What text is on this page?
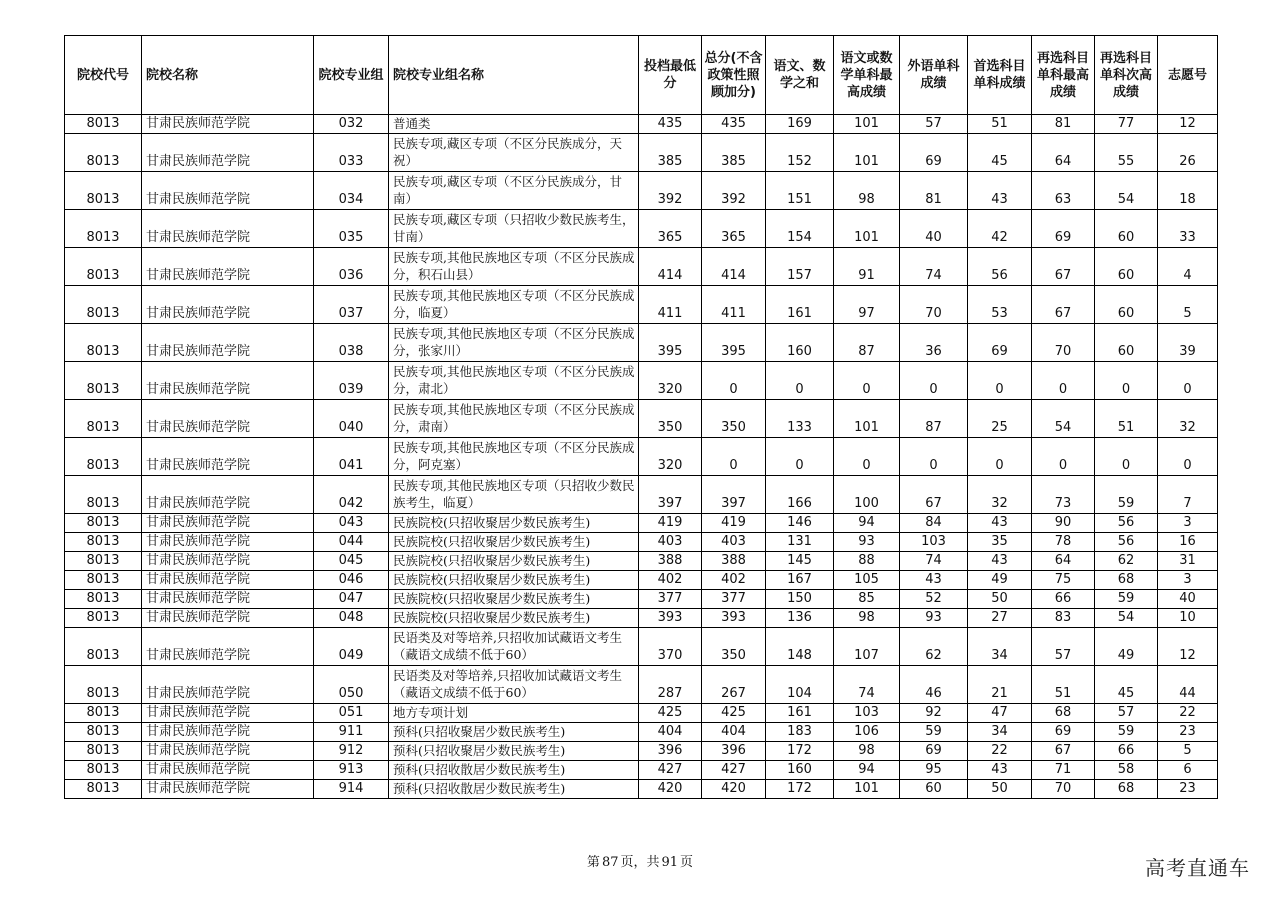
院校代号	院校名称	院校专业组	院校专业组名称	投档最低分	总分(不含政策性照顾加分)	语文、数学之和	语文或数学单科最高成绩	外语单科成绩	首选科目单科成绩	再选科目单科最高成绩	再选科目单科次高成绩	志愿号
8013	甘肃民族师范学院	032	普通类	435	435	169	101	57	51	81	77	12
8013	甘肃民族师范学院	033	民族专项,藏区专项（不区分民族成分，天祝）	385	385	152	101	69	45	64	55	26
8013	甘肃民族师范学院	034	民族专项,藏区专项（不区分民族成分，甘南）	392	392	151	98	81	43	63	54	18
8013	甘肃民族师范学院	035	民族专项,藏区专项（只招收少数民族考生，甘南）	365	365	154	101	40	42	69	60	33
8013	甘肃民族师范学院	036	民族专项,其他民族地区专项（不区分民族成分，积石山县）	414	414	157	91	74	56	67	60	4
8013	甘肃民族师范学院	037	民族专项,其他民族地区专项（不区分民族成分，临夏）	411	411	161	97	70	53	67	60	5
8013	甘肃民族师范学院	038	民族专项,其他民族地区专项（不区分民族成分，张家川）	395	395	160	87	36	69	70	60	39
8013	甘肃民族师范学院	039	民族专项,其他民族地区专项（不区分民族成分，肃北）	320	0	0	0	0	0	0	0	0
8013	甘肃民族师范学院	040	民族专项,其他民族地区专项（不区分民族成分，肃南）	350	350	133	101	87	25	54	51	32
8013	甘肃民族师范学院	041	民族专项,其他民族地区专项（不区分民族成分，阿克塞）	320	0	0	0	0	0	0	0	0
8013	甘肃民族师范学院	042	民族专项,其他民族地区专项（只招收少数民族考生，临夏）	397	397	166	100	67	32	73	59	7
8013	甘肃民族师范学院	043	民族院校(只招收聚居少数民族考生)	419	419	146	94	84	43	90	56	3
8013	甘肃民族师范学院	044	民族院校(只招收聚居少数民族考生)	403	403	131	93	103	35	78	56	16
8013	甘肃民族师范学院	045	民族院校(只招收聚居少数民族考生)	388	388	145	88	74	43	64	62	31
8013	甘肃民族师范学院	046	民族院校(只招收聚居少数民族考生)	402	402	167	105	43	49	75	68	3
8013	甘肃民族师范学院	047	民族院校(只招收聚居少数民族考生)	377	377	150	85	52	50	66	59	40
8013	甘肃民族师范学院	048	民族院校(只招收聚居少数民族考生)	393	393	136	98	93	27	83	54	10
8013	甘肃民族师范学院	049	民语类及对等培养,只招收加试藏语文考生（藏语文成绩不低于60）	370	350	148	107	62	34	57	49	12
8013	甘肃民族师范学院	050	民语类及对等培养,只招收加试藏语文考生（藏语文成绩不低于60）	287	267	104	74	46	21	51	45	44
8013	甘肃民族师范学院	051	地方专项计划	425	425	161	103	92	47	68	57	22
8013	甘肃民族师范学院	911	预科(只招收聚居少数民族考生)	404	404	183	106	59	34	69	59	23
8013	甘肃民族师范学院	912	预科(只招收聚居少数民族考生)	396	396	172	98	69	22	67	66	5
8013	甘肃民族师范学院	913	预科(只招收散居少数民族考生)	427	427	160	94	95	43	71	58	6
8013	甘肃民族师范学院	914	预科(只招收散居少数民族考生)	420	420	172	101	60	50	70	68	23
第 87 页，共 91 页	高考直通车
